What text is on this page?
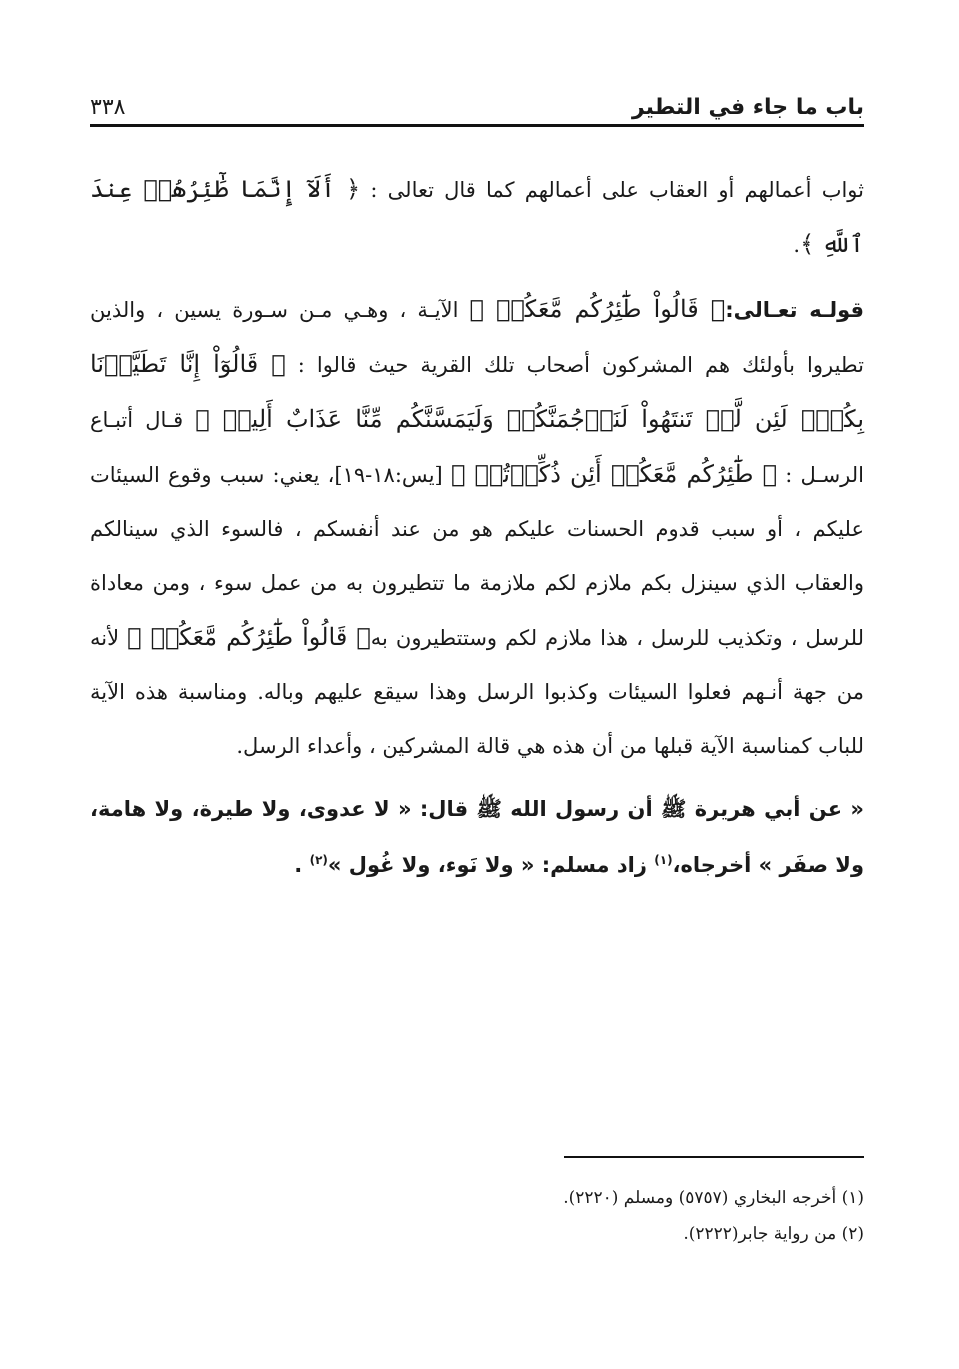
باب ما جاء في التطير
٣٣٨

ثواب أعمالهم أو العقاب على أعمالهم كما قال تعالى : ﴿ أَلَآ إِنَّمَا طَٰٓئِرُهُمۡ عِندَ ٱللَّهِ ﴾.

قولـه تعـالى:﴿ قَالُواْ طَٰٓئِرُكُم مَّعَكُمۡ ﴾ الآيـة ، وهـي مـن سـورة يسين ، والذين تطيروا بأولئك هم المشركون أصحاب تلك القرية حيث قالوا : ﴿ قَالُوٓاْ إِنَّا تَطَيَّرۡنَا بِكُمۡۖ لَئِن لَّمۡ تَنتَهُواْ لَنَرۡجُمَنَّكُمۡ وَلَيَمَسَّنَّكُم مِّنَّا عَذَابٌ أَلِيمٞ ﴾ قـال أتبـاع الرسـل : ﴿ طَٰٓئِرُكُم مَّعَكُمۡ أَئِن ذُكِّرۡتُمۚ ﴾ [يس:١٨-١٩]، يعني: سبب وقوع السيئات عليكم ، أو سبب قدوم الحسنات عليكم هو من عند أنفسكم ، فالسوء الذي سينالكم والعقاب الذي سينزل بكم ملازم لكم ملازمة ما تتطيرون به من عمل سوء ، ومن معاداة للرسل ، وتكذيب للرسل ، هذا ملازم لكم وستتطيرون به﴿ قَالُواْ طَٰٓئِرُكُم مَّعَكُمۡ ﴾ لأنه من جهة أنـهم فعلوا السيئات وكذبوا الرسل وهذا سيقع عليهم وباله. ومناسبة هذه الآية للباب كمناسبة الآية قبلها من أن هذه هي قالة المشركين ، وأعداء الرسل.

« عن أبي هريرة ﷺ أن رسول الله ﷺ قال: « لا عدوى، ولا طيرة، ولا هامة، ولا صفَر » أخرجاه،$^{(١)}$ زاد مسلم: « ولا نَوء، ولا غُول »$^{(٢)}$ .

(١) أخرجه البخاري (٥٧٥٧) ومسلم (٢٢٢٠).

(٢) من رواية جابر(٢٢٢٢).
